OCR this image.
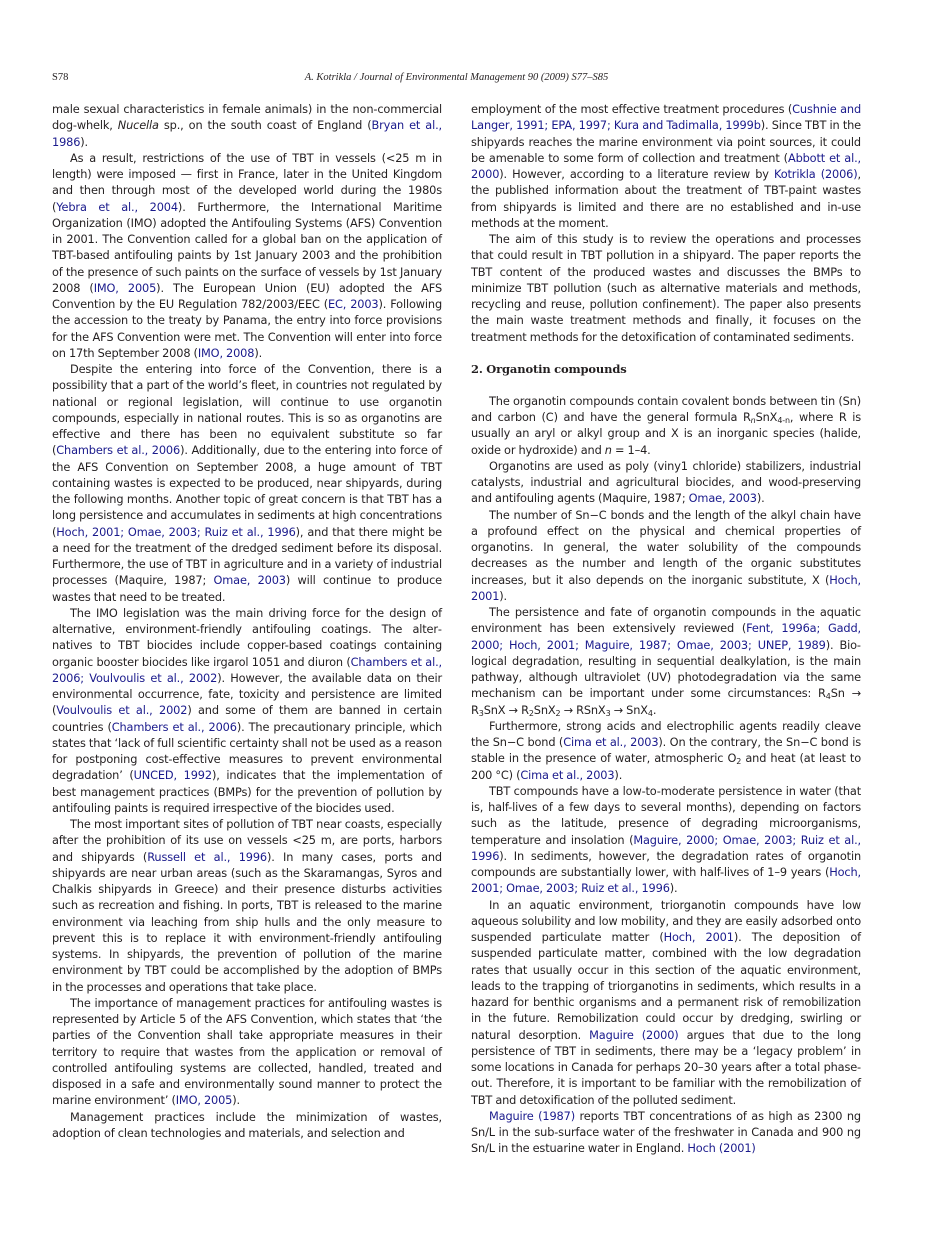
S78	A. Kotrikla / Journal of Environmental Management 90 (2009) S77–S85

male sexual characteristics in female animals) in the non-commercial dog-whelk, Nucella sp., on the south coast of England (Bryan et al., 1986).

As a result, restrictions of the use of TBT in vessels (<25 m in length) were imposed — first in France, later in the United Kingdom and then through most of the developed world during the 1980s (Yebra et al., 2004). Furthermore, the International Maritime Organization (IMO) adopted the Antifouling Systems (AFS) Convention in 2001. The Convention called for a global ban on the application of TBT-based antifouling paints by 1st January 2003 and the prohibition of the presence of such paints on the surface of vessels by 1st January 2008 (IMO, 2005). The European Union (EU) adopted the AFS Convention by the EU Regulation 782/2003/EEC (EC, 2003). Following the accession to the treaty by Panama, the entry into force provisions for the AFS Convention were met. The Convention will enter into force on 17th September 2008 (IMO, 2008).

Despite the entering into force of the Convention, there is a possibility that a part of the world’s fleet, in countries not regulated by national or regional legislation, will continue to use organotin compounds, especially in national routes. This is so as organotins are effective and there has been no equivalent substitute so far (Chambers et al., 2006). Additionally, due to the entering into force of the AFS Convention on September 2008, a huge amount of TBT containing wastes is expected to be produced, near shipyards, during the following months. Another topic of great concern is that TBT has a long persistence and accumulates in sediments at high concentrations (Hoch, 2001; Omae, 2003; Ruiz et al., 1996), and that there might be a need for the treatment of the dredged sediment before its disposal. Furthermore, the use of TBT in agriculture and in a variety of industrial processes (Maquire, 1987; Omae, 2003) will continue to produce wastes that need to be treated.

The IMO legislation was the main driving force for the design of alternative, environment-friendly antifouling coatings. The alternatives to TBT biocides include copper-based coatings containing organic booster biocides like irgarol 1051 and diuron (Chambers et al., 2006; Voulvoulis et al., 2002). However, the available data on their environmental occurrence, fate, toxicity and persistence are limited (Voulvoulis et al., 2002) and some of them are banned in certain countries (Chambers et al., 2006). The precautionary principle, which states that ‘lack of full scientific certainty shall not be used as a reason for postponing cost-effective measures to prevent environmental degradation’ (UNCED, 1992), indicates that the implementation of best management practices (BMPs) for the prevention of pollution by antifouling paints is required irrespective of the biocides used.

The most important sites of pollution of TBT near coasts, especially after the prohibition of its use on vessels <25 m, are ports, harbors and shipyards (Russell et al., 1996). In many cases, ports and shipyards are near urban areas (such as the Skaramangas, Syros and Chalkis shipyards in Greece) and their presence disturbs activities such as recreation and fishing. In ports, TBT is released to the marine environment via leaching from ship hulls and the only measure to prevent this is to replace it with environment-friendly antifouling systems. In shipyards, the prevention of pollution of the marine environment by TBT could be accomplished by the adoption of BMPs in the processes and operations that take place.

The importance of management practices for antifouling wastes is represented by Article 5 of the AFS Convention, which states that ‘the parties of the Convention shall take appropriate measures in their territory to require that wastes from the application or removal of controlled antifouling systems are collected, handled, treated and disposed in a safe and environmentally sound manner to protect the marine environment’ (IMO, 2005).

Management practices include the minimization of wastes, adoption of clean technologies and materials, and selection and

employment of the most effective treatment procedures (Cushnie and Langer, 1991; EPA, 1997; Kura and Tadimalla, 1999b). Since TBT in the shipyards reaches the marine environment via point sources, it could be amenable to some form of collection and treatment (Abbott et al., 2000). However, according to a literature review by Kotrikla (2006), the published information about the treatment of TBT-paint wastes from shipyards is limited and there are no established and in-use methods at the moment.

The aim of this study is to review the operations and processes that could result in TBT pollution in a shipyard. The paper reports the TBT content of the produced wastes and discusses the BMPs to minimize TBT pollution (such as alternative materials and methods, recycling and reuse, pollution confinement). The paper also presents the main waste treatment methods and finally, it focuses on the treatment methods for the detoxification of contaminated sediments.

2. Organotin compounds

The organotin compounds contain covalent bonds between tin (Sn) and carbon (C) and have the general formula $R_nSnX_{4-n}$, where R is usually an aryl or alkyl group and X is an inorganic species (halide, oxide or hydroxide) and n = 1–4.

Organotins are used as poly (viny1 chloride) stabilizers, industrial catalysts, industrial and agricultural biocides, and wood-preserving and antifouling agents (Maquire, 1987; Omae, 2003).

The number of Sn−C bonds and the length of the alkyl chain have a profound effect on the physical and chemical properties of organotins. In general, the water solubility of the compounds decreases as the number and length of the organic substitutes increases, but it also depends on the inorganic substitute, X (Hoch, 2001).

The persistence and fate of organotin compounds in the aquatic environment has been extensively reviewed (Fent, 1996a; Gadd, 2000; Hoch, 2001; Maguire, 1987; Omae, 2003; UNEP, 1989). Biological degradation, resulting in sequential dealkylation, is the main pathway, although ultraviolet (UV) photodegradation via the same mechanism can be important under some circumstances: $R_4Sn \to R_3SnX \to R_2SnX_2$ → RSnX$_3$ → SnX$_4$.

Furthermore, strong acids and electrophilic agents readily cleave the Sn−C bond (Cima et al., 2003). On the contrary, the Sn−C bond is stable in the presence of water, atmospheric $O_2$ and heat (at least to 200 °C) (Cima et al., 2003).

TBT compounds have a low-to-moderate persistence in water (that is, half-lives of a few days to several months), depending on factors such as the latitude, presence of degrading microorganisms, temperature and insolation (Maguire, 2000; Omae, 2003; Ruiz et al., 1996). In sediments, however, the degradation rates of organotin compounds are substantially lower, with half-lives of 1–9 years (Hoch, 2001; Omae, 2003; Ruiz et al., 1996).

In an aquatic environment, triorganotin compounds have low aqueous solubility and low mobility, and they are easily adsorbed onto suspended particulate matter (Hoch, 2001). The deposition of suspended particulate matter, combined with the low degradation rates that usually occur in this section of the aquatic environment, leads to the trapping of triorganotins in sediments, which results in a hazard for benthic organisms and a permanent risk of remobilization in the future. Remobilization could occur by dredging, swirling or natural desorption. Maguire (2000) argues that due to the long persistence of TBT in sediments, there may be a ‘legacy problem’ in some locations in Canada for perhaps 20–30 years after a total phase-out. Therefore, it is important to be familiar with the remobilization of TBT and detoxification of the polluted sediment.

Maguire (1987) reports TBT concentrations of as high as 2300 ng Sn/L in the sub-surface water of the freshwater in Canada and 900 ng Sn/L in the estuarine water in England. Hoch (2001)
